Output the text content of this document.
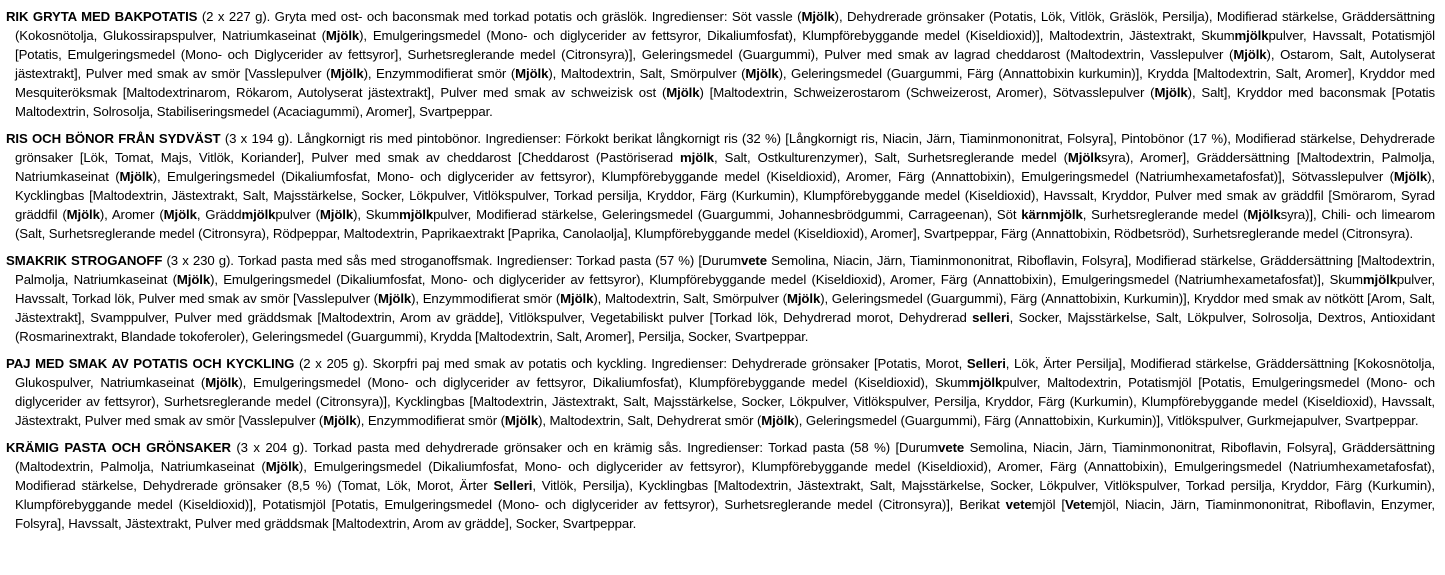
RIK GRYTA MED BAKPOTATIS (2 x 227 g). Gryta med ost- och baconsmak med torkad potatis och gräslök. Ingredienser: Söt vassle (Mjölk), Dehydrerade grönsaker (Potatis, Lök, Vitlök, Gräslök, Persilja), Modifierad stärkelse, Gräddersättning (Kokosnötolja, Glukossirapspulver, Natriumkaseinat (Mjölk), Emulgeringsmedel (Mono- och diglycerider av fettsyror, Dikaliumfosfat), Klumpförebyggande medel (Kiseldioxid)], Maltodextrin, Jästextrakt, Skummjölkpulver, Havssalt, Potatismjöl [Potatis, Emulgeringsmedel (Mono- och Diglycerider av fettsyror], Surhetsreglerande medel (Citronsyra)], Geleringsmedel (Guargummi), Pulver med smak av lagrad cheddarost (Maltodextrin, Vasslepulver (Mjölk), Ostarom, Salt, Autolyserat jästextrakt], Pulver med smak av smör [Vasslepulver (Mjölk), Enzymmodifierat smör (Mjölk), Maltodextrin, Salt, Smörpulver (Mjölk), Geleringsmedel (Guargummi, Färg (Annattobixin kurkumin)], Krydda [Maltodextrin, Salt, Aromer], Kryddor med Mesquiteröksmak [Maltodextrinarom, Rökarom, Autolyserat jästextrakt], Pulver med smak av schweizisk ost (Mjölk) [Maltodextrin, Schweizerostarom (Schweizerost, Aromer), Sötvasslepulver (Mjölk), Salt], Kryddor med baconsmak [Potatis Maltodextrin, Solrosolja, Stabiliseringsmedel (Acaciagummi), Aromer], Svartpeppar.

RIS OCH BÖNOR FRÅN SYDVÄST (3 x 194 g). Långkornigt ris med pintobönor. Ingredienser: Förkokt berikat långkornigt ris (32 %) [Långkornigt ris, Niacin, Järn, Tiaminmononitrat, Folsyra], Pintobönor (17 %), Modifierad stärkelse, Dehydrerade grönsaker [Lök, Tomat, Majs, Vitlök, Koriander], Pulver med smak av cheddarost [Cheddarost (Pastöriserad mjölk, Salt, Ostkulturenzymer), Salt, Surhetsreglerande medel (Mjölksyra), Aromer], Gräddersättning [Maltodextrin, Palmolja, Natriumkaseinat (Mjölk), Emulgeringsmedel (Dikaliumfosfat, Mono- och diglycerider av fettsyror), Klumpförebyggande medel (Kiseldioxid), Aromer, Färg (Annattobixin), Emulgeringsmedel (Natriumhexametafosfat)], Sötvasslepulver (Mjölk), Kycklingbas [Maltodextrin, Jästextrakt, Salt, Majsstärkelse, Socker, Lökpulver, Vitlökspulver, Torkad persilja, Kryddor, Färg (Kurkumin), Klumpförebyggande medel (Kiseldioxid), Havssalt, Kryddor, Pulver med smak av gräddfil [Smörarom, Syrad gräddfil (Mjölk), Aromer (Mjölk, Gräddmjölkpulver (Mjölk), Skummjölkpulver, Modifierad stärkelse, Geleringsmedel (Guargummi, Johannesbrödgummi, Carrageenan), Söt kärnmjölk, Surhetsreglerande medel (Mjölksyra)], Chili- och limearom (Salt, Surhetsreglerande medel (Citronsyra), Rödpeppar, Maltodextrin, Paprikaextrakt [Paprika, Canolaolja], Klumpförebyggande medel (Kiseldioxid), Aromer], Svartpeppar, Färg (Annattobixin, Rödbetsröd), Surhetsreglerande medel (Citronsyra).

SMAKRIK STROGANOFF (3 x 230 g). Torkad pasta med sås med stroganoffsmak. Ingredienser: Torkad pasta (57 %) [Durumvete Semolina, Niacin, Järn, Tiaminmononitrat, Riboflavin, Folsyra], Modifierad stärkelse, Gräddersättning [Maltodextrin, Palmolja, Natriumkaseinat (Mjölk), Emulgeringsmedel (Dikaliumfosfat, Mono- och diglycerider av fettsyror), Klumpförebyggande medel (Kiseldioxid), Aromer, Färg (Annattobixin), Emulgeringsmedel (Natriumhexametafosfat)], Skummjölkpulver, Havssalt, Torkad lök, Pulver med smak av smör [Vasslepulver (Mjölk), Enzymmodifierat smör (Mjölk), Maltodextrin, Salt, Smörpulver (Mjölk), Geleringsmedel (Guargummi), Färg (Annattobixin, Kurkumin)], Kryddor med smak av nötkött [Arom, Salt, Jästextrakt], Svamppulver, Pulver med gräddsmak [Maltodextrin, Arom av grädde], Vitlökspulver, Vegetabiliskt pulver [Torkad lök, Dehydrerad morot, Dehydrerad selleri, Socker, Majsstärkelse, Salt, Lökpulver, Solrosolja, Dextros, Antioxidant (Rosmarinextrakt, Blandade tokoferoler), Geleringsmedel (Guargummi), Krydda [Maltodextrin, Salt, Aromer], Persilja, Socker, Svartpeppar.

PAJ MED SMAK AV POTATIS OCH KYCKLING (2 x 205 g). Skorpfri paj med smak av potatis och kyckling. Ingredienser: Dehydrerade grönsaker [Potatis, Morot, Selleri, Lök, Ärter Persilja], Modifierad stärkelse, Gräddersättning [Kokosnötolja, Glukospulver, Natriumkaseinat (Mjölk), Emulgeringsmedel (Mono- och diglycerider av fettsyror, Dikaliumfosfat), Klumpförebyggande medel (Kiseldioxid), Skummjölkpulver, Maltodextrin, Potatismjöl [Potatis, Emulgeringsmedel (Mono- och diglycerider av fettsyror), Surhetsreglerande medel (Citronsyra)], Kycklingbas [Maltodextrin, Jästextrakt, Salt, Majsstärkelse, Socker, Lökpulver, Vitlökspulver, Persilja, Kryddor, Färg (Kurkumin), Klumpförebyggande medel (Kiseldioxid), Havssalt, Jästextrakt, Pulver med smak av smör [Vasslepulver (Mjölk), Enzymmodifierat smör (Mjölk), Maltodextrin, Salt, Dehydrerat smör (Mjölk), Geleringsmedel (Guargummi), Färg (Annattobixin, Kurkumin)], Vitlökspulver, Gurkmejapulver, Svartpeppar.

KRÄMIG PASTA OCH GRÖNSAKER (3 x 204 g). Torkad pasta med dehydrerade grönsaker och en krämig sås. Ingredienser: Torkad pasta (58 %) [Durumvete Semolina, Niacin, Järn, Tiaminmononitrat, Riboflavin, Folsyra], Gräddersättning (Maltodextrin, Palmolja, Natriumkaseinat (Mjölk), Emulgeringsmedel (Dikaliumfosfat, Mono- och diglycerider av fettsyror), Klumpförebyggande medel (Kiseldioxid), Aromer, Färg (Annattobixin), Emulgeringsmedel (Natriumhexametafosfat), Modifierad stärkelse, Dehydrerade grönsaker (8,5 %) (Tomat, Lök, Morot, Ärter Selleri, Vitlök, Persilja), Kycklingbas [Maltodextrin, Jästextrakt, Salt, Majsstärkelse, Socker, Lökpulver, Vitlökspulver, Torkad persilja, Kryddor, Färg (Kurkumin), Klumpförebyggande medel (Kiseldioxid)], Potatismjöl [Potatis, Emulgeringsmedel (Mono- och diglycerider av fettsyror), Surhetsreglerande medel (Citronsyra)], Berikat vetemjöl [Vetemjöl, Niacin, Järn, Tiaminmononitrat, Riboflavin, Enzymer, Folsyra], Havssalt, Jästextrakt, Pulver med gräddsmak [Maltodextrin, Arom av grädde], Socker, Svartpeppar.
